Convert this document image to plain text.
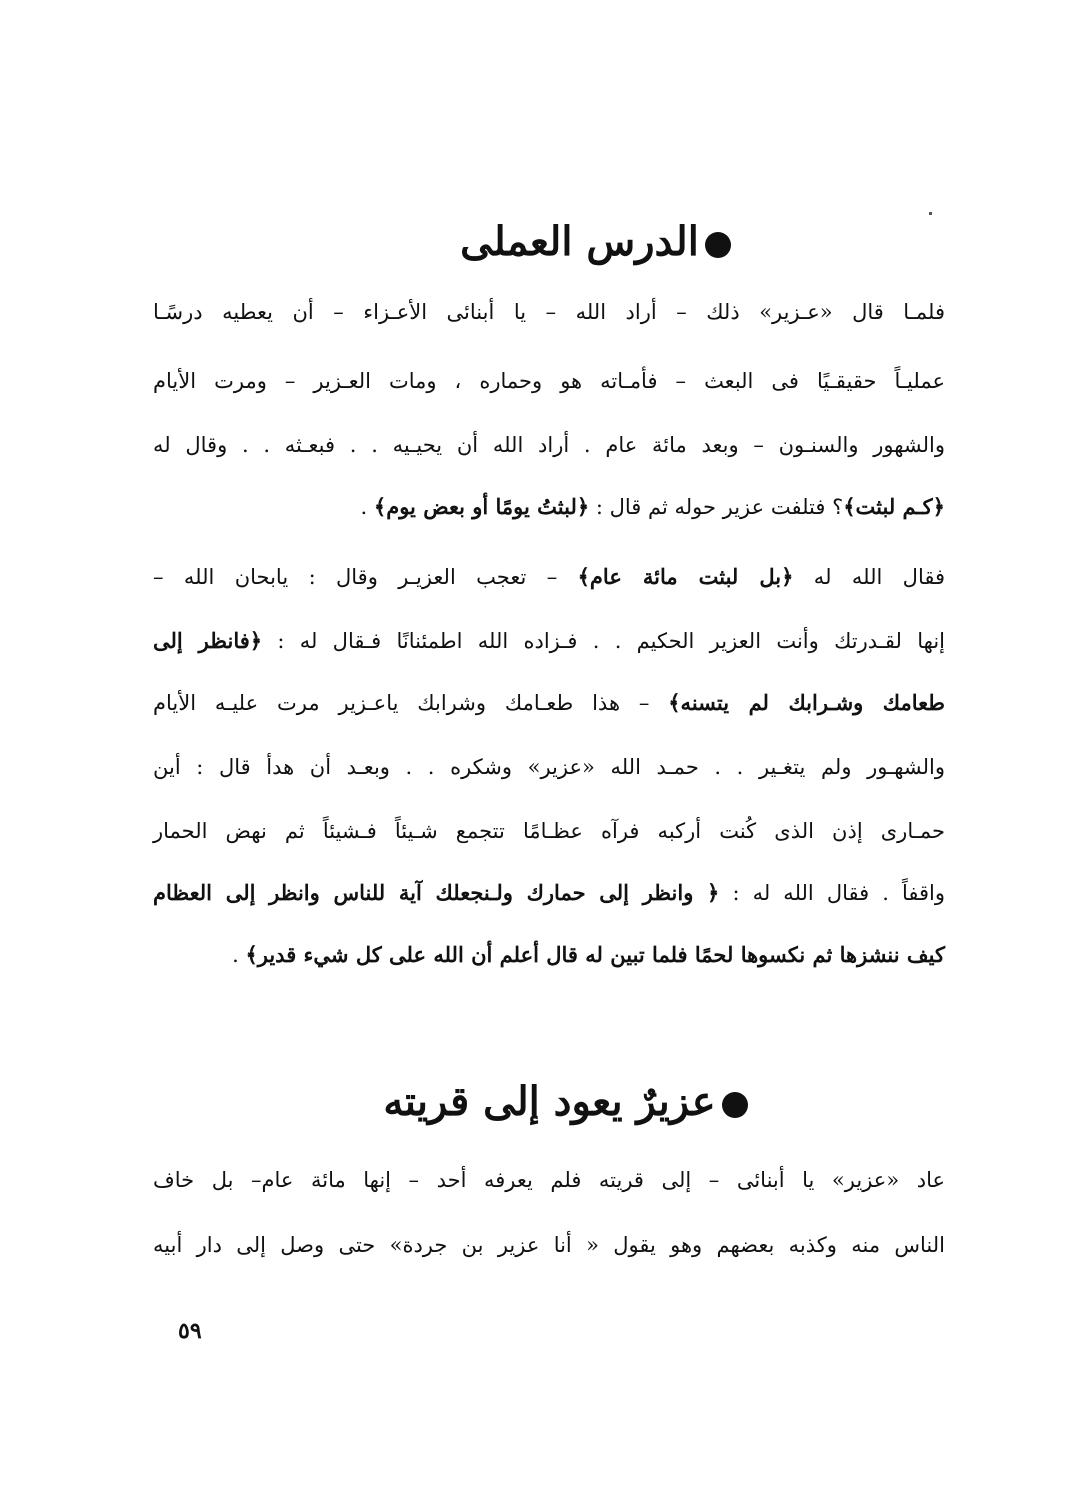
الدرس العملى
فلمـا قال «عـزير» ذلك – أراد الله – يا أبنائى الأعـزاء – أن يعطيه درسًـا
عمليـاً حقيقـيًا فى البعث – فأمـاته هو وحماره ، ومات العـزير – ومرت الأيام
والشهور والسنـون – وبعد مائة عام . أراد الله أن يحيـيه . . فبعـثه . . وقال له
﴿كـم لبثت﴾؟ فتلفت عزير حوله ثم قال : ﴿لبثتُ يومًا أو بعض يوم﴾ .
فقال الله له ﴿بل لبثت مائة عام﴾ – تعجب العزيـر وقال : يابحان الله –
إنها لقـدرتك وأنت العزير الحكيم . . فـزاده الله اطمئنانًا فـقال له : ﴿فانظر إلى
طعامك وشـرابك لم يتسنه﴾ – هذا طعـامك وشرابك ياعـزير مرت عليـه الأيام
والشهـور ولم يتغـير . . حمـد الله «عزير» وشكره . . وبعـد أن هدأ قال : أين
حمـارى إذن الذى كُنت أركبه فرآه عظـامًا تتجمع شـيئاً فـشيئاً ثم نهض الحمار
واقفاً . فقال الله له : ﴿ وانظر إلى حمارك ولـنجعلك آية للناس وانظر إلى العظام
كيف ننشزها ثم نكسوها لحمًا فلما تبين له قال أعلم أن الله على كل شيء قدير﴾ .
عزيرٌ يعود إلى قريته
عاد «عزير» يا أبنائى – إلى قريته فلم يعرفه أحد – إنها مائة عام– بل خاف
الناس منه وكذبه بعضهم وهو يقول « أنا عزير بن جردة» حتى وصل إلى دار أبيه
٥٩
